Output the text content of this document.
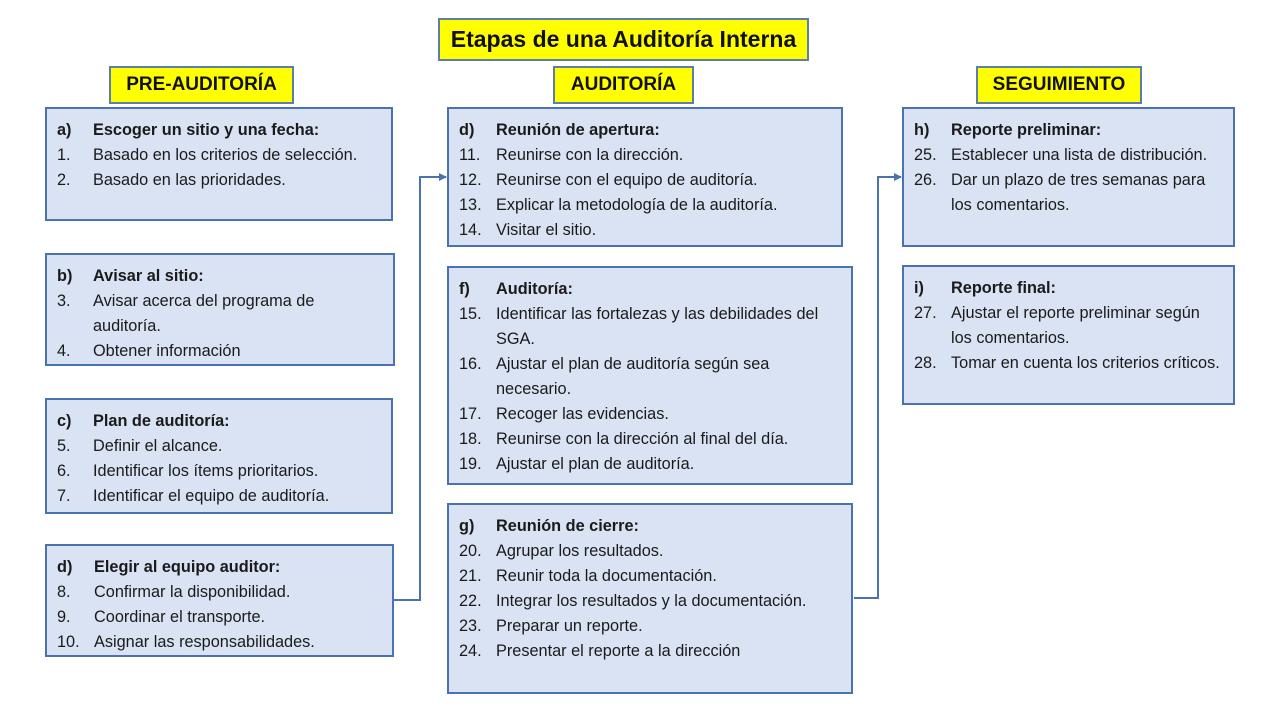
Etapas de una Auditoría Interna
PRE-AUDITORÍA	AUDITORÍA	SEGUIMIENTO
a)	Escoger un sitio y una fecha:
1.	Basado en los criterios de selección.
2.	Basado en las prioridades.
b)	Avisar al sitio:
3.	Avisar acerca del programa de auditoría.
4.	Obtener información
c)	Plan de auditoría:
5.	Definir el alcance.
6.	Identificar los ítems prioritarios.
7.	Identificar el equipo de auditoría.
d)	Elegir al equipo auditor:
8.	Confirmar la disponibilidad.
9.	Coordinar el transporte.
10. Asignar las responsabilidades.
d)	Reunión de apertura:
11. Reunirse con la dirección.
12. Reunirse con el equipo de auditoría.
13. Explicar la metodología de la auditoría.
14. Visitar el sitio.
f)	Auditoría:
15. Identificar las fortalezas y las debilidades del SGA.
16. Ajustar el plan de auditoría según sea necesario.
17. Recoger las evidencias.
18. Reunirse con la dirección al final del día.
19. Ajustar el plan de auditoría.
g)	Reunión de cierre:
20. Agrupar los resultados.
21. Reunir toda la documentación.
22. Integrar los resultados y la documentación.
23. Preparar un reporte.
24. Presentar el reporte a la dirección
h)	Reporte preliminar:
25. Establecer una lista de distribución.
26. Dar un plazo de tres semanas para los comentarios.
i)	Reporte final:
27. Ajustar el reporte preliminar según los comentarios.
28. Tomar en cuenta los criterios críticos.
